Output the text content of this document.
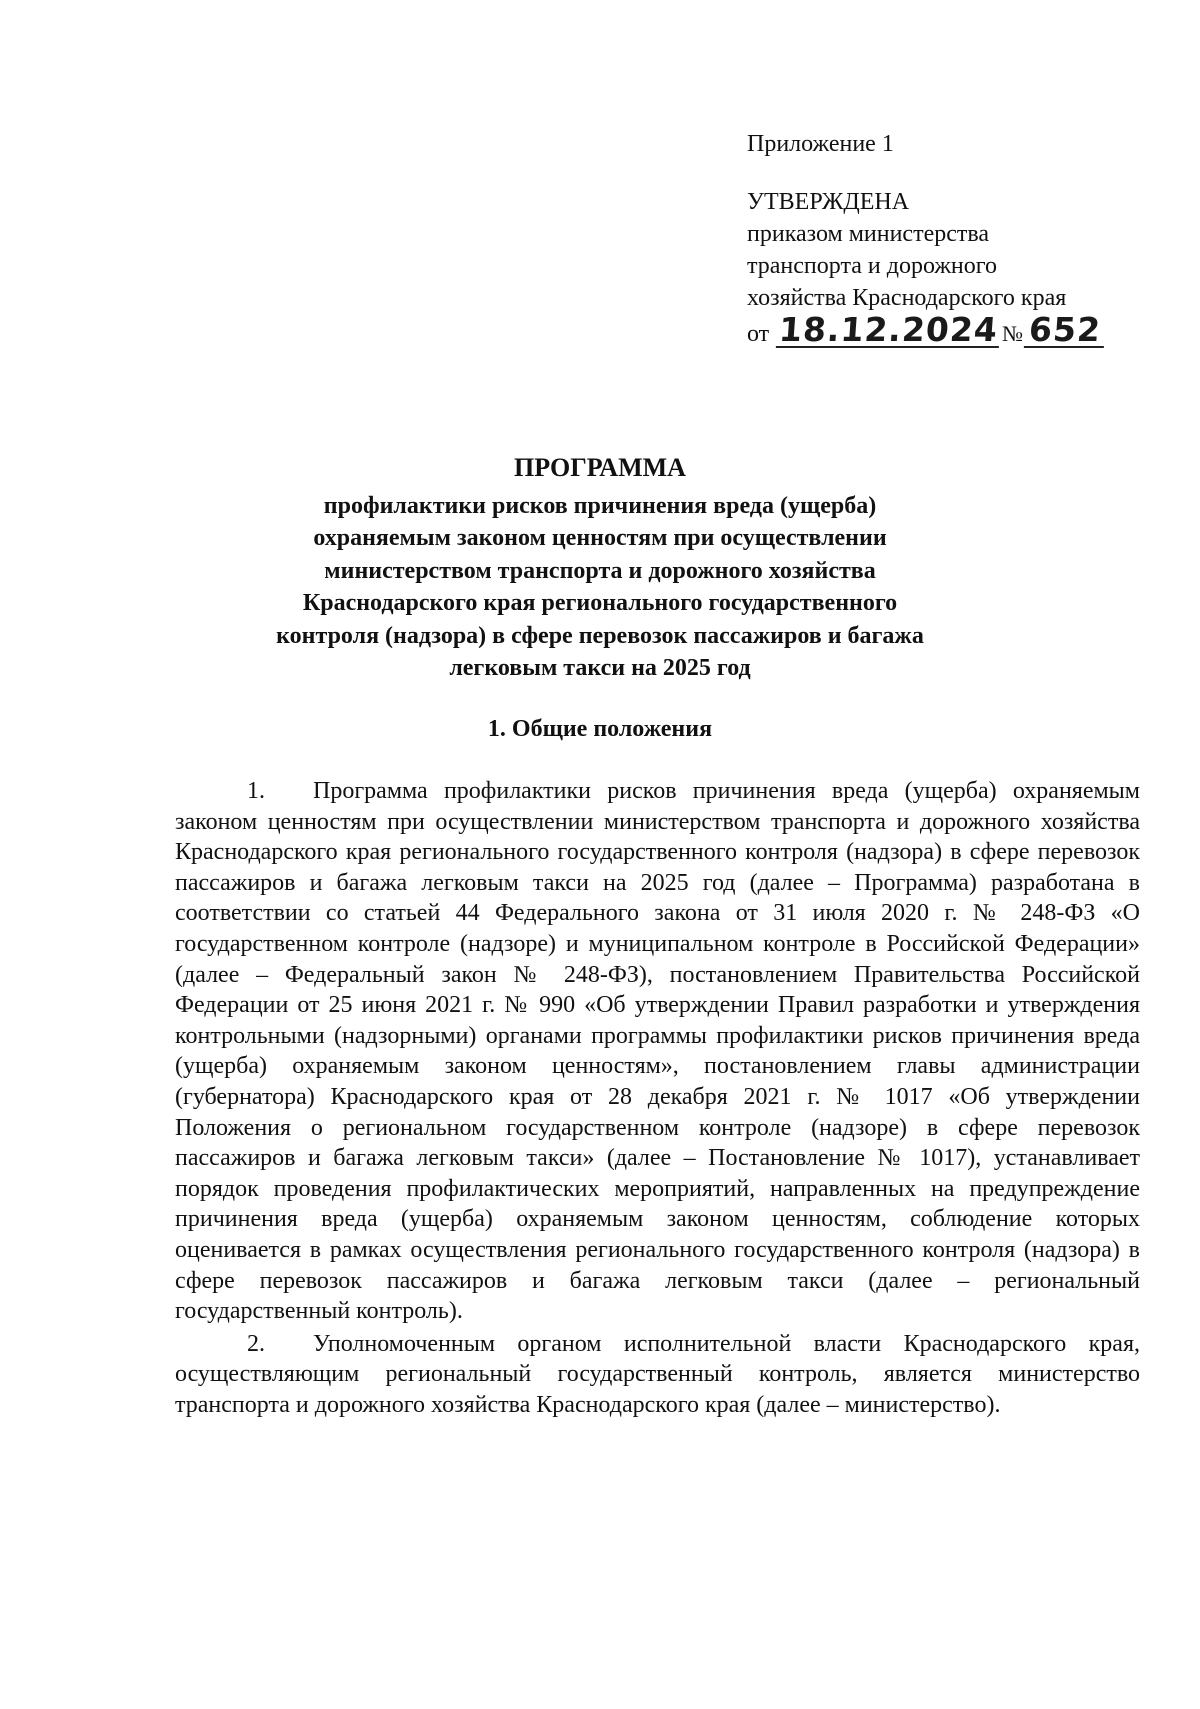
Приложение 1
УТВЕРЖДЕНА
приказом министерства
транспорта и дорожного
хозяйства Краснодарского края
от 18.12.2024 № 652
ПРОГРАММА
профилактики рисков причинения вреда (ущерба)
охраняемым законом ценностям при осуществлении
министерством транспорта и дорожного хозяйства
Краснодарского края регионального государственного
контроля (надзора) в сфере перевозок пассажиров и багажа
легковым такси на 2025 год
1. Общие положения

1. Программа профилактики рисков причинения вреда (ущерба) охраняемым законом ценностям при осуществлении министерством транспорта и дорожного хозяйства Краснодарского края регионального государственного контроля (надзора) в сфере перевозок пассажиров и багажа легковым такси на 2025 год (далее – Программа) разработана в соответствии со статьей 44 Федерального закона от 31 июля 2020 г. № 248-ФЗ «О государственном контроле (надзоре) и муниципальном контроле в Российской Федерации» (далее – Федеральный закон № 248-ФЗ), постановлением Правительства Российской Федерации от 25 июня 2021 г. № 990 «Об утверждении Правил разработки и утверждения контрольными (надзорными) органами программы профилактики рисков причинения вреда (ущерба) охраняемым законом ценностям», постановлением главы администрации (губернатора) Краснодарского края от 28 декабря 2021 г. № 1017 «Об утверждении Положения о региональном государственном контроле (надзоре) в сфере перевозок пассажиров и багажа легковым такси» (далее – Постановление № 1017), устанавливает порядок проведения профилактических мероприятий, направленных на предупреждение причинения вреда (ущерба) охраняемым законом ценностям, соблюдение которых оценивается в рамках осуществления регионального государственного контроля (надзора) в сфере перевозок пассажиров и багажа легковым такси (далее – региональный государственный контроль).

2. Уполномоченным органом исполнительной власти Краснодарского края, осуществляющим региональный государственный контроль, является министерство транспорта и дорожного хозяйства Краснодарского края (далее – министерство).
